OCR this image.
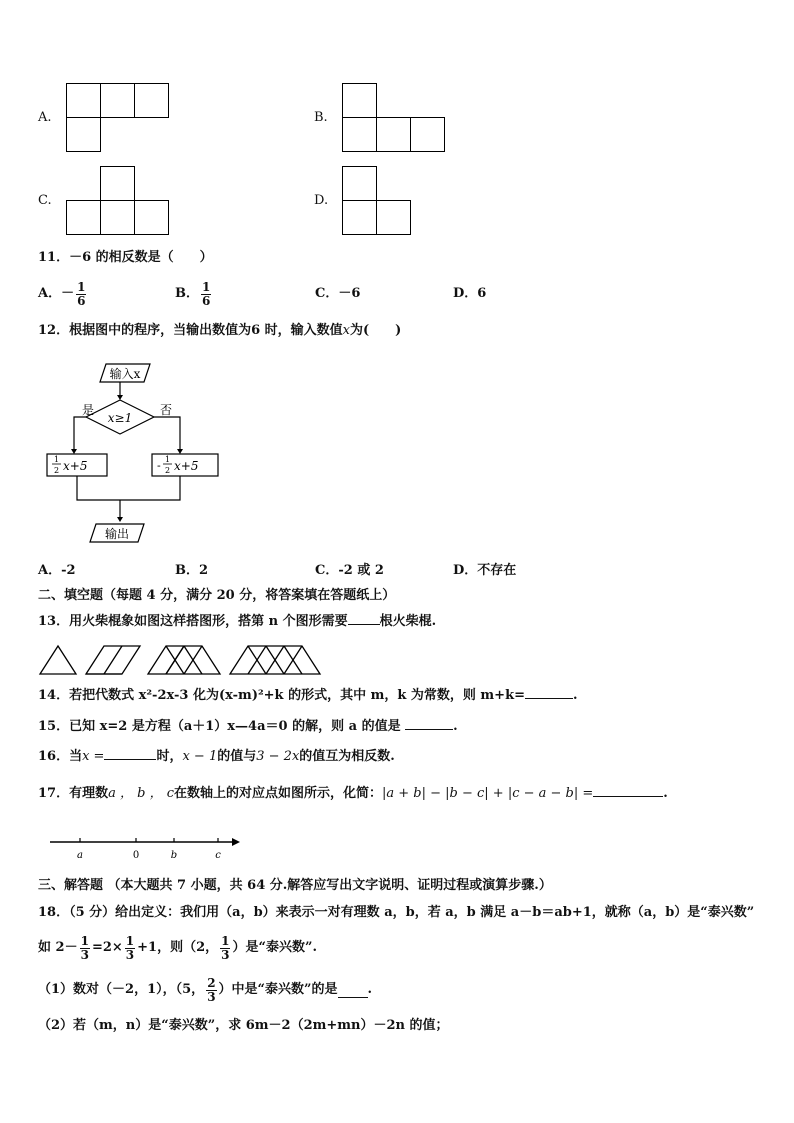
A.	B.
C.	D.
11．－6 的相反数是（　　）
A． － $\frac{1}{6}$	B． $\frac{1}{6}$	C．－6	D．6
12．根据图中的程序，当输出数值为6 时，输入数值x为(　　)
输入x
x≥1
是	否
1
2 x+5	- 1
2 x+5
输出
A．-2	B．2	C．-2 或 2	D．不存在
二、填空题（每题 4 分，满分 20 分，将答案填在答题纸上）
13．用火柴棍象如图这样搭图形，搭第 n 个图形需要 根火柴棍.
14．若把代数式 x²-2x-3 化为(x-m)²+k 的形式，其中 m，k 为常数，则 m+k=	.
15．已知 x=2 是方程（a＋1）x—4a＝0 的解，则 a 的值是	.
16．当x =	时，x − 1的值与3 − 2x的值互为相反数.
17．有理数a ， b ， c在数轴上的对应点如图所示，化简：|a + b| − |b − c| + |c − a − b| =	.
a	0	b	c
三、解答题 （本大题共 7 小题，共 64 分.解答应写出文字说明、证明过程或演算步骤.）
18．（5 分）给出定义：我们用（a，b）来表示一对有理数 a，b，若 a，b 满足 a－b＝ab+1，就称（a，b）是“泰兴数”
如 $2- \frac{1}{3} =2\times \frac{1}{3} +1$，则（2， $\frac{1}{3}$ ）是“泰兴数”.
（1）数对（－2，1），（5， $\frac{2}{3}$ ）中是“泰兴数”的是 .
（2）若（m，n）是“泰兴数”，求 6m－2（2m+mn）－2n 的值；
